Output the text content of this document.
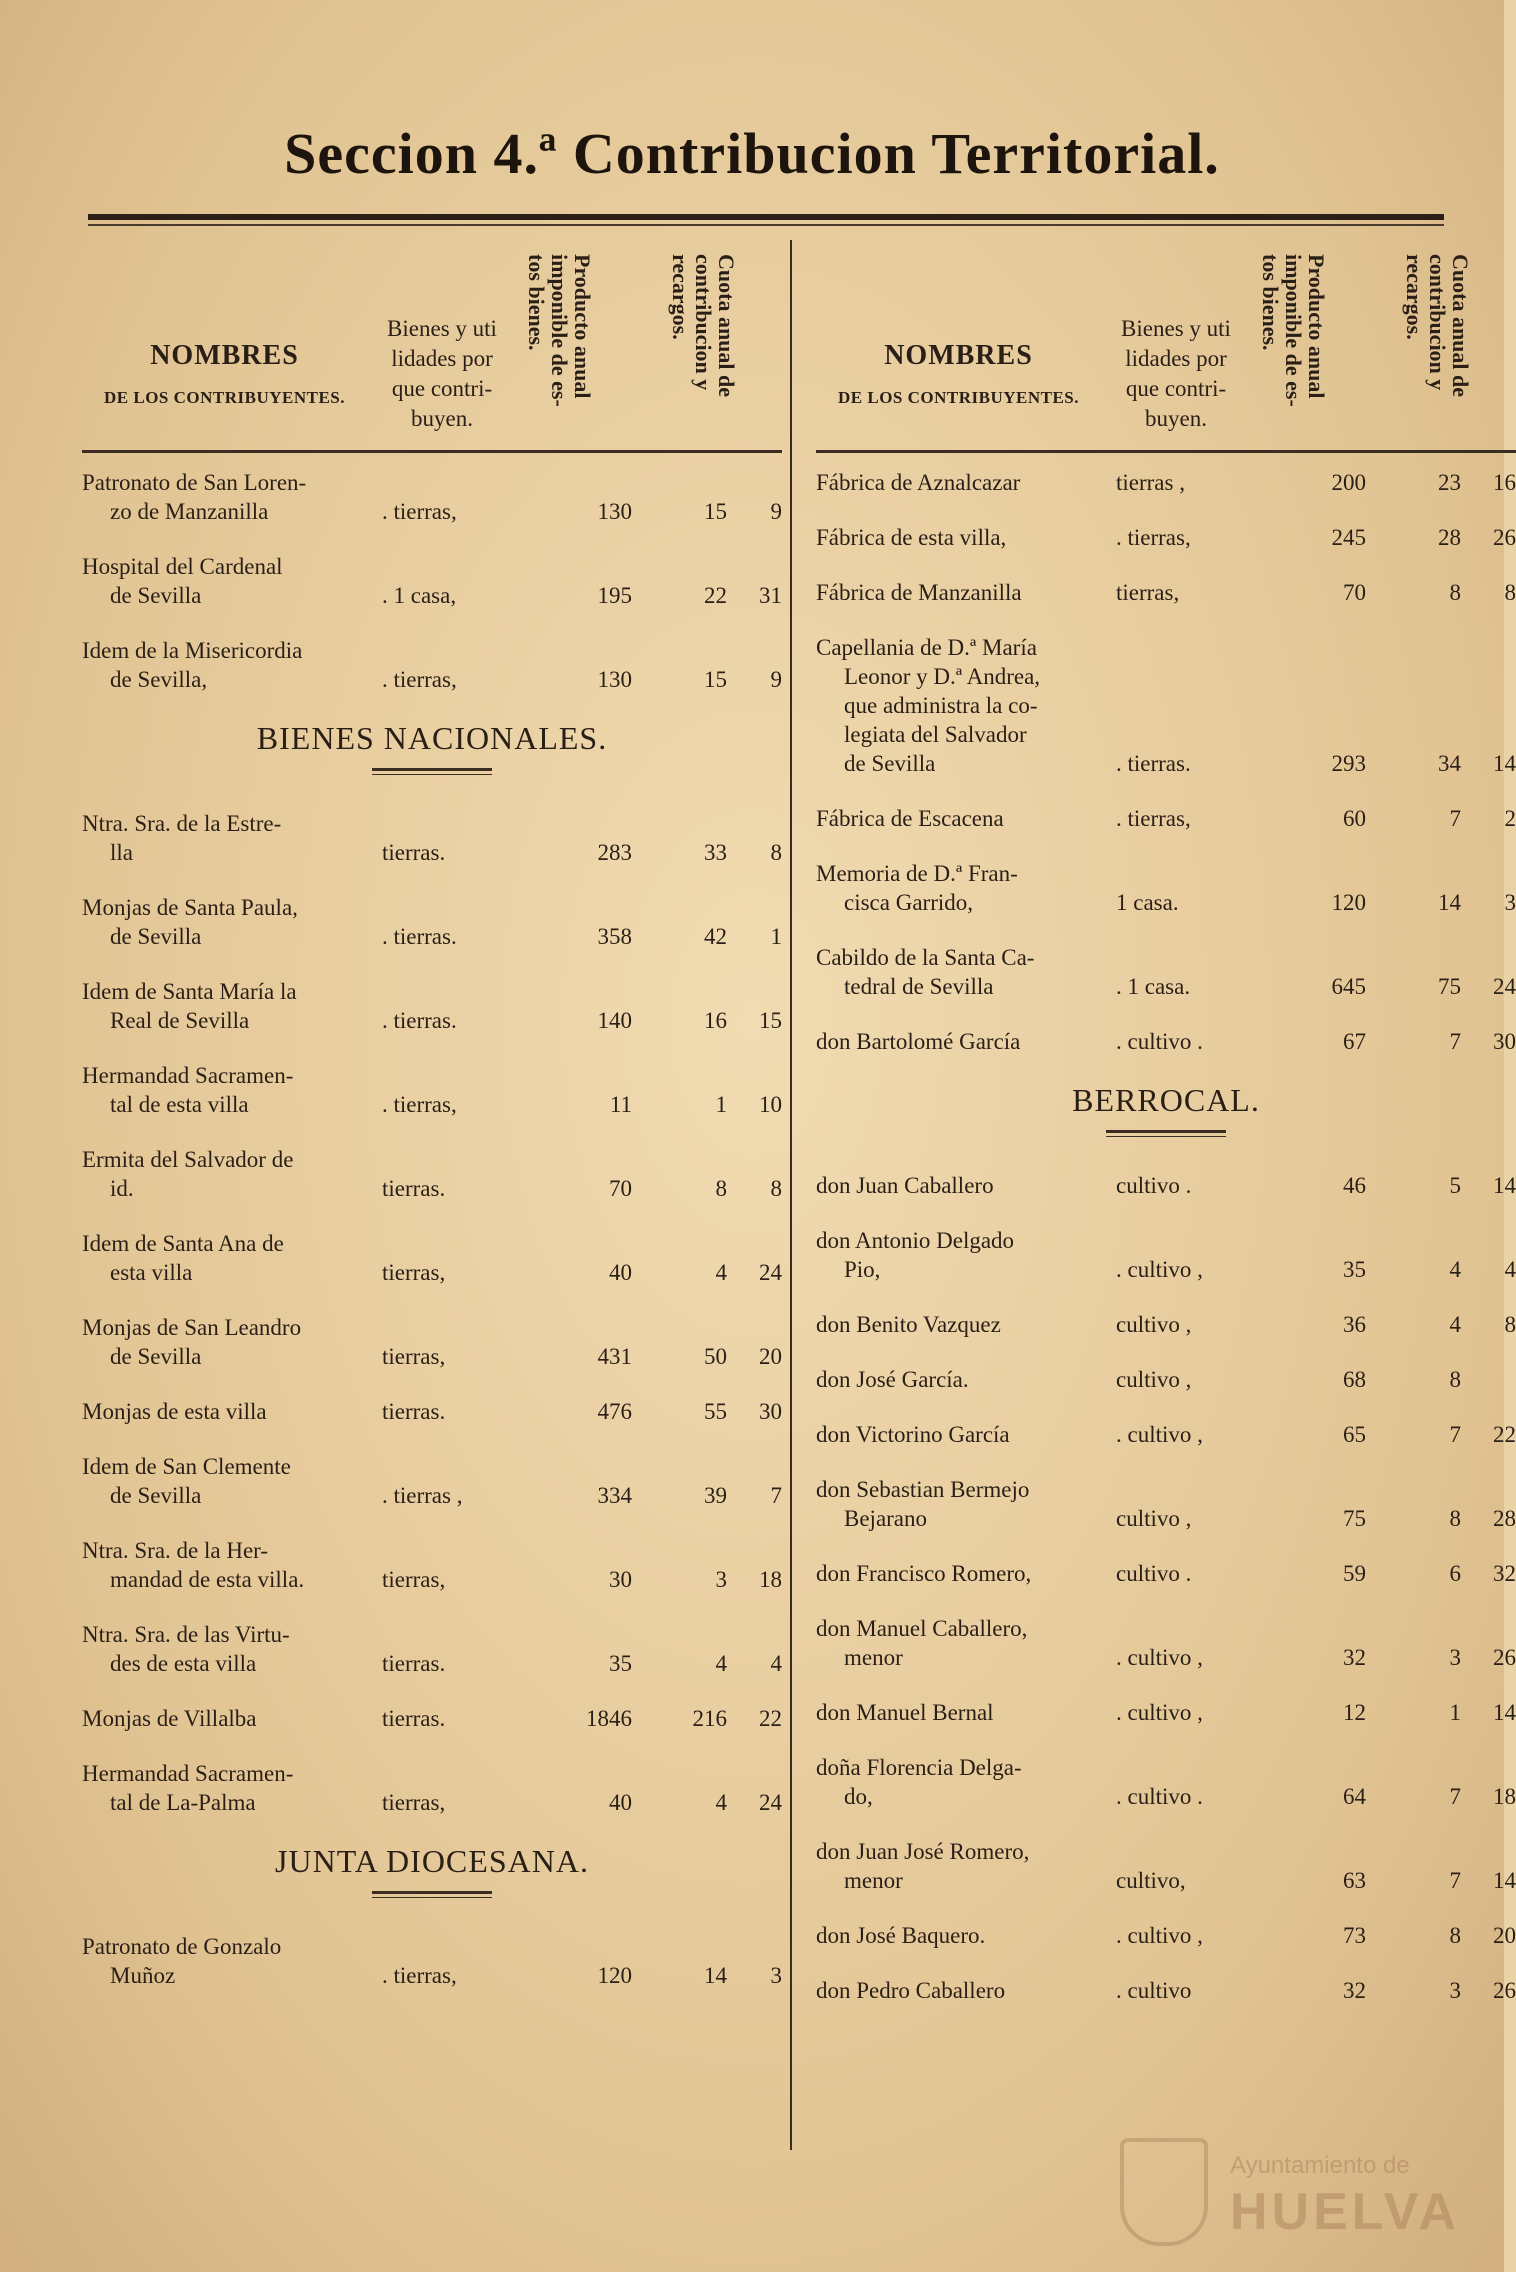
Seccion 4.ª Contribucion Territorial.
NOMBRES
DE LOS CONTRIBUYENTES.
Bienes y uti
lidades por
que contri-
buyen.
Producto anual
imponible de es-
tos bienes.	Cuota anual de
contribucion y
recargos.
Patronato de San Loren-
zo de Manzanilla	. tierras,	130	15	9
Hospital del Cardenal
de Sevilla	. 1 casa,	195	22	31
Idem de la Misericordia
de Sevilla,	. tierras,	130	15	9
BIENES NACIONALES.
Ntra. Sra. de la Estre-
lla	tierras.	283	33	8
Monjas de Santa Paula,
de Sevilla	. tierras.	358	42	1
Idem de Santa María la
Real de Sevilla	. tierras.	140	16	15
Hermandad Sacramen-
tal de esta villa	. tierras,	11	1	10
Ermita del Salvador de
id.	tierras.	70	8	8
Idem de Santa Ana de
esta villa	tierras,	40	4	24
Monjas de San Leandro
de Sevilla	tierras,	431	50	20
Monjas de esta villa	tierras.	476	55	30
Idem de San Clemente
de Sevilla	. tierras ,	334	39	7
Ntra. Sra. de la Her-
mandad de esta villa.	tierras,	30	3	18
Ntra. Sra. de las Virtu-
des de esta villa	tierras.	35	4	4
Monjas de Villalba	tierras.	1846	216	22
Hermandad Sacramen-
tal de La-Palma	tierras,	40	4	24
JUNTA DIOCESANA.
Patronato de Gonzalo
Muñoz	. tierras,	120	14	3
NOMBRES
DE LOS CONTRIBUYENTES.
Bienes y uti
lidades por
que contri-
buyen.
Producto anual
imponible de es-
tos bienes.	Cuota anual de
contribucion y
recargos.
Fábrica de Aznalcazar	tierras ,	200	23	16
Fábrica de esta villa,	. tierras,	245	28	26
Fábrica de Manzanilla	tierras,	70	8	8
Capellania de D.ª María
Leonor y D.ª Andrea,
que administra la co-
legiata del Salvador
de Sevilla	. tierras.	293	34	14
Fábrica de Escacena	. tierras,	60	7	2
Memoria de D.ª Fran-
cisca Garrido,	1 casa.	120	14	3
Cabildo de la Santa Ca-
tedral de Sevilla	. 1 casa.	645	75	24
don Bartolomé García	. cultivo .	67	7	30
BERROCAL.
don Juan Caballero	cultivo .	46	5	14
don Antonio Delgado
Pio,	. cultivo ,	35	4	4
don Benito Vazquez	cultivo ,	36	4	8
don José García.	cultivo ,	68	8
don Victorino García	. cultivo ,	65	7	22
don Sebastian Bermejo
Bejarano	cultivo ,	75	8	28
don Francisco Romero,	cultivo .	59	6	32
don Manuel Caballero,
menor	. cultivo ,	32	3	26
don Manuel Bernal	. cultivo ,	12	1	14
doña Florencia Delga-
do,	. cultivo .	64	7	18
don Juan José Romero,
menor	cultivo,	63	7	14
don José Baquero.	. cultivo ,	73	8	20
don Pedro Caballero	. cultivo	32	3	26
Ayuntamiento de
HUELVA
